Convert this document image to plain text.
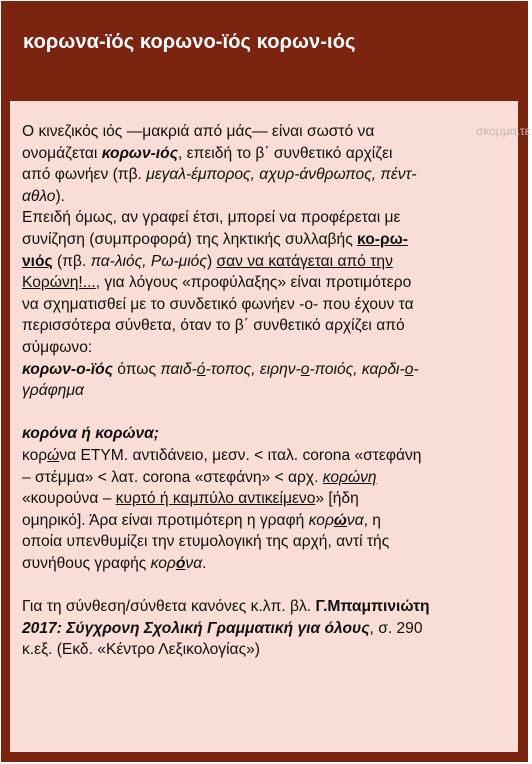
κορωνα-ϊός κορωνο-ϊός κορων-ιός
σκομμα.τε

Ο κινεζικός ιός —μακριά από μάς— είναι σωστό να

ονομάζεται κορων-ιός, επειδή το β΄ συνθετικό αρχίζει

από φωνήεν (πβ. μεγαλ-έμπορος, αχυρ-άνθρωπος, πέντ-

αθλο).

Επειδή όμως, αν γραφεί έτσι, μπορεί να προφέρεται με

συνίζηση (συμπροφορά) της ληκτικής συλλαβής κο-ρω-

νιός (πβ. πα-λιός, Ρω-μιός) σαν να κατάγεται από την

Κορώνη!..., για λόγους «προφύλαξης» είναι προτιμότερο

να σχηματισθεί με το συνδετικό φωνήεν -ο- που έχουν τα

περισσότερα σύνθετα, όταν το β΄ συνθετικό αρχίζει από

σύμφωνο:

κορων-ο-ϊός όπως παιδ-ό-τοπος, ειρην-ο-ποιός, καρδι-ο-

γράφημα

κορόνα ή κορώνα;

κορώνα ΕΤΥΜ. αντιδάνειο, μεσν. < ιταλ. corona «στεφάνη

– στέμμα» < λατ. corona «στεφάνη» < αρχ. κορώνη

«κουρούνα – κυρτό ή καμπύλο αντικείμενο» [ήδη

ομηρικό]. Άρα είναι προτιμότερη η γραφή κορώνα, η

οποία υπενθυμίζει την ετυμολογική της αρχή, αντί τής

συνήθους γραφής κορόνα.

Για τη σύνθεση/σύνθετα κανόνες κ.λπ. βλ. Γ.Μπαμπινιώτη

2017: Σύγχρονη Σχολική Γραμματική για όλους, σ. 290

κ.εξ. (Εκδ. «Κέντρο Λεξικολογίας»)
